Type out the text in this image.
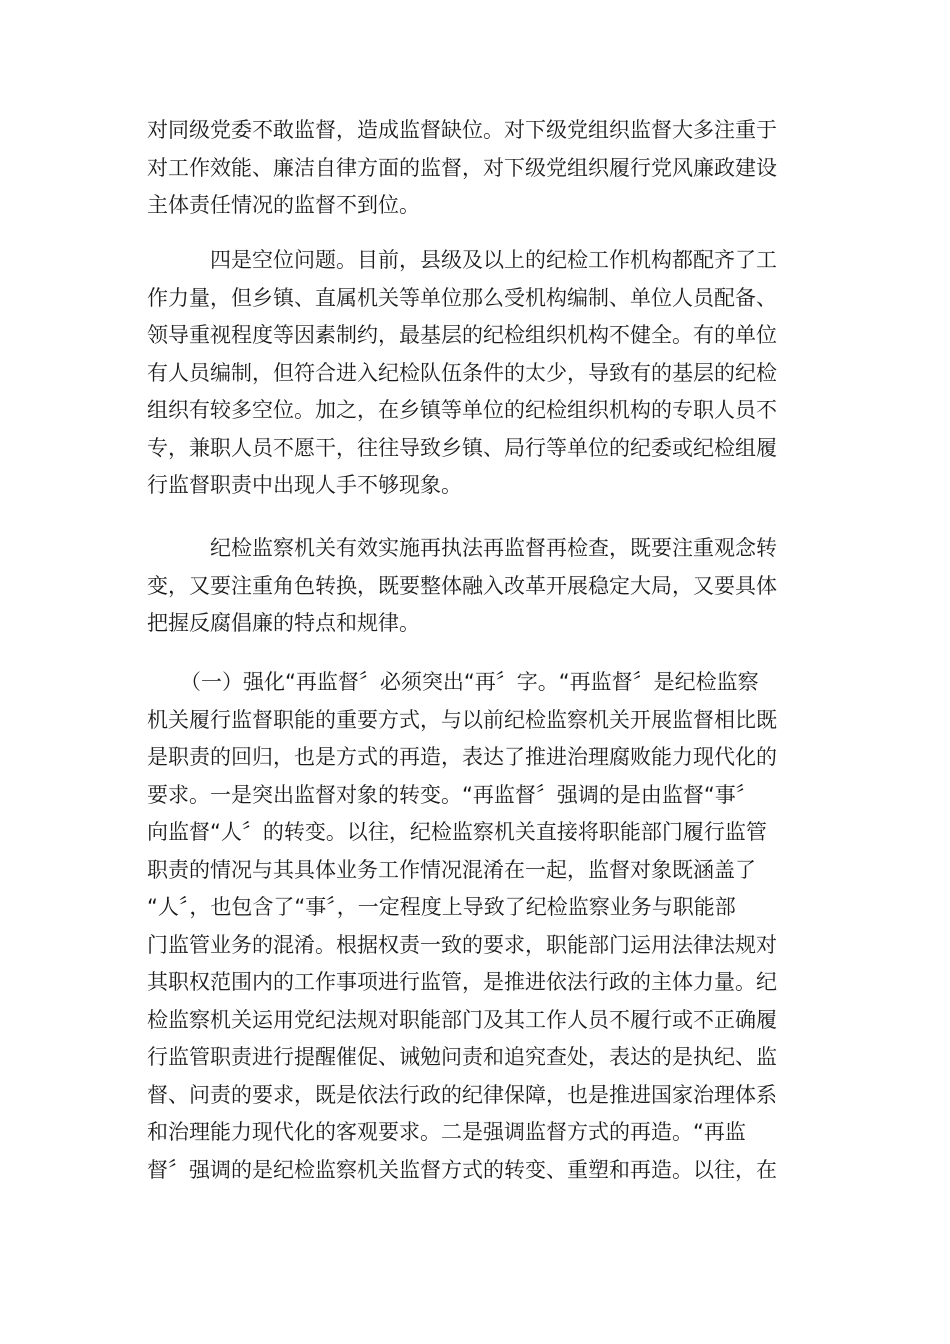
对同级党委不敢监督，造成监督缺位。对下级党组织监督大多注重于
对工作效能、廉洁自律方面的监督，对下级党组织履行党风廉政建设
主体责任情况的监督不到位。
四是空位问题。目前，县级及以上的纪检工作机构都配齐了工
作力量，但乡镇、直属机关等单位那么受机构编制、单位人员配备、
领导重视程度等因素制约，最基层的纪检组织机构不健全。有的单位
有人员编制，但符合进入纪检队伍条件的太少，导致有的基层的纪检
组织有较多空位。加之，在乡镇等单位的纪检组织机构的专职人员不
专，兼职人员不愿干，往往导致乡镇、局行等单位的纪委或纪检组履
行监督职责中出现人手不够现象。
纪检监察机关有效实施再执法再监督再检查，既要注重观念转
变，又要注重角色转换，既要整体融入改革开展稳定大局，又要具体
把握反腐倡廉的特点和规律。
（一）强化“再监督〞必须突出“再〞字。“再监督〞是纪检监察
机关履行监督职能的重要方式，与以前纪检监察机关开展监督相比既
是职责的回归，也是方式的再造，表达了推进治理腐败能力现代化的
要求。一是突出监督对象的转变。“再监督〞强调的是由监督“事〞
向监督“人〞的转变。以往，纪检监察机关直接将职能部门履行监管
职责的情况与其具体业务工作情况混淆在一起，监督对象既涵盖了
“人〞，也包含了“事〞，一定程度上导致了纪检监察业务与职能部
门监管业务的混淆。根据权责一致的要求，职能部门运用法律法规对
其职权范围内的工作事项进行监管，是推进依法行政的主体力量。纪
检监察机关运用党纪法规对职能部门及其工作人员不履行或不正确履
行监管职责进行提醒催促、诫勉问责和追究查处，表达的是执纪、监
督、问责的要求，既是依法行政的纪律保障，也是推进国家治理体系
和治理能力现代化的客观要求。二是强调监督方式的再造。“再监
督〞强调的是纪检监察机关监督方式的转变、重塑和再造。以往，在
